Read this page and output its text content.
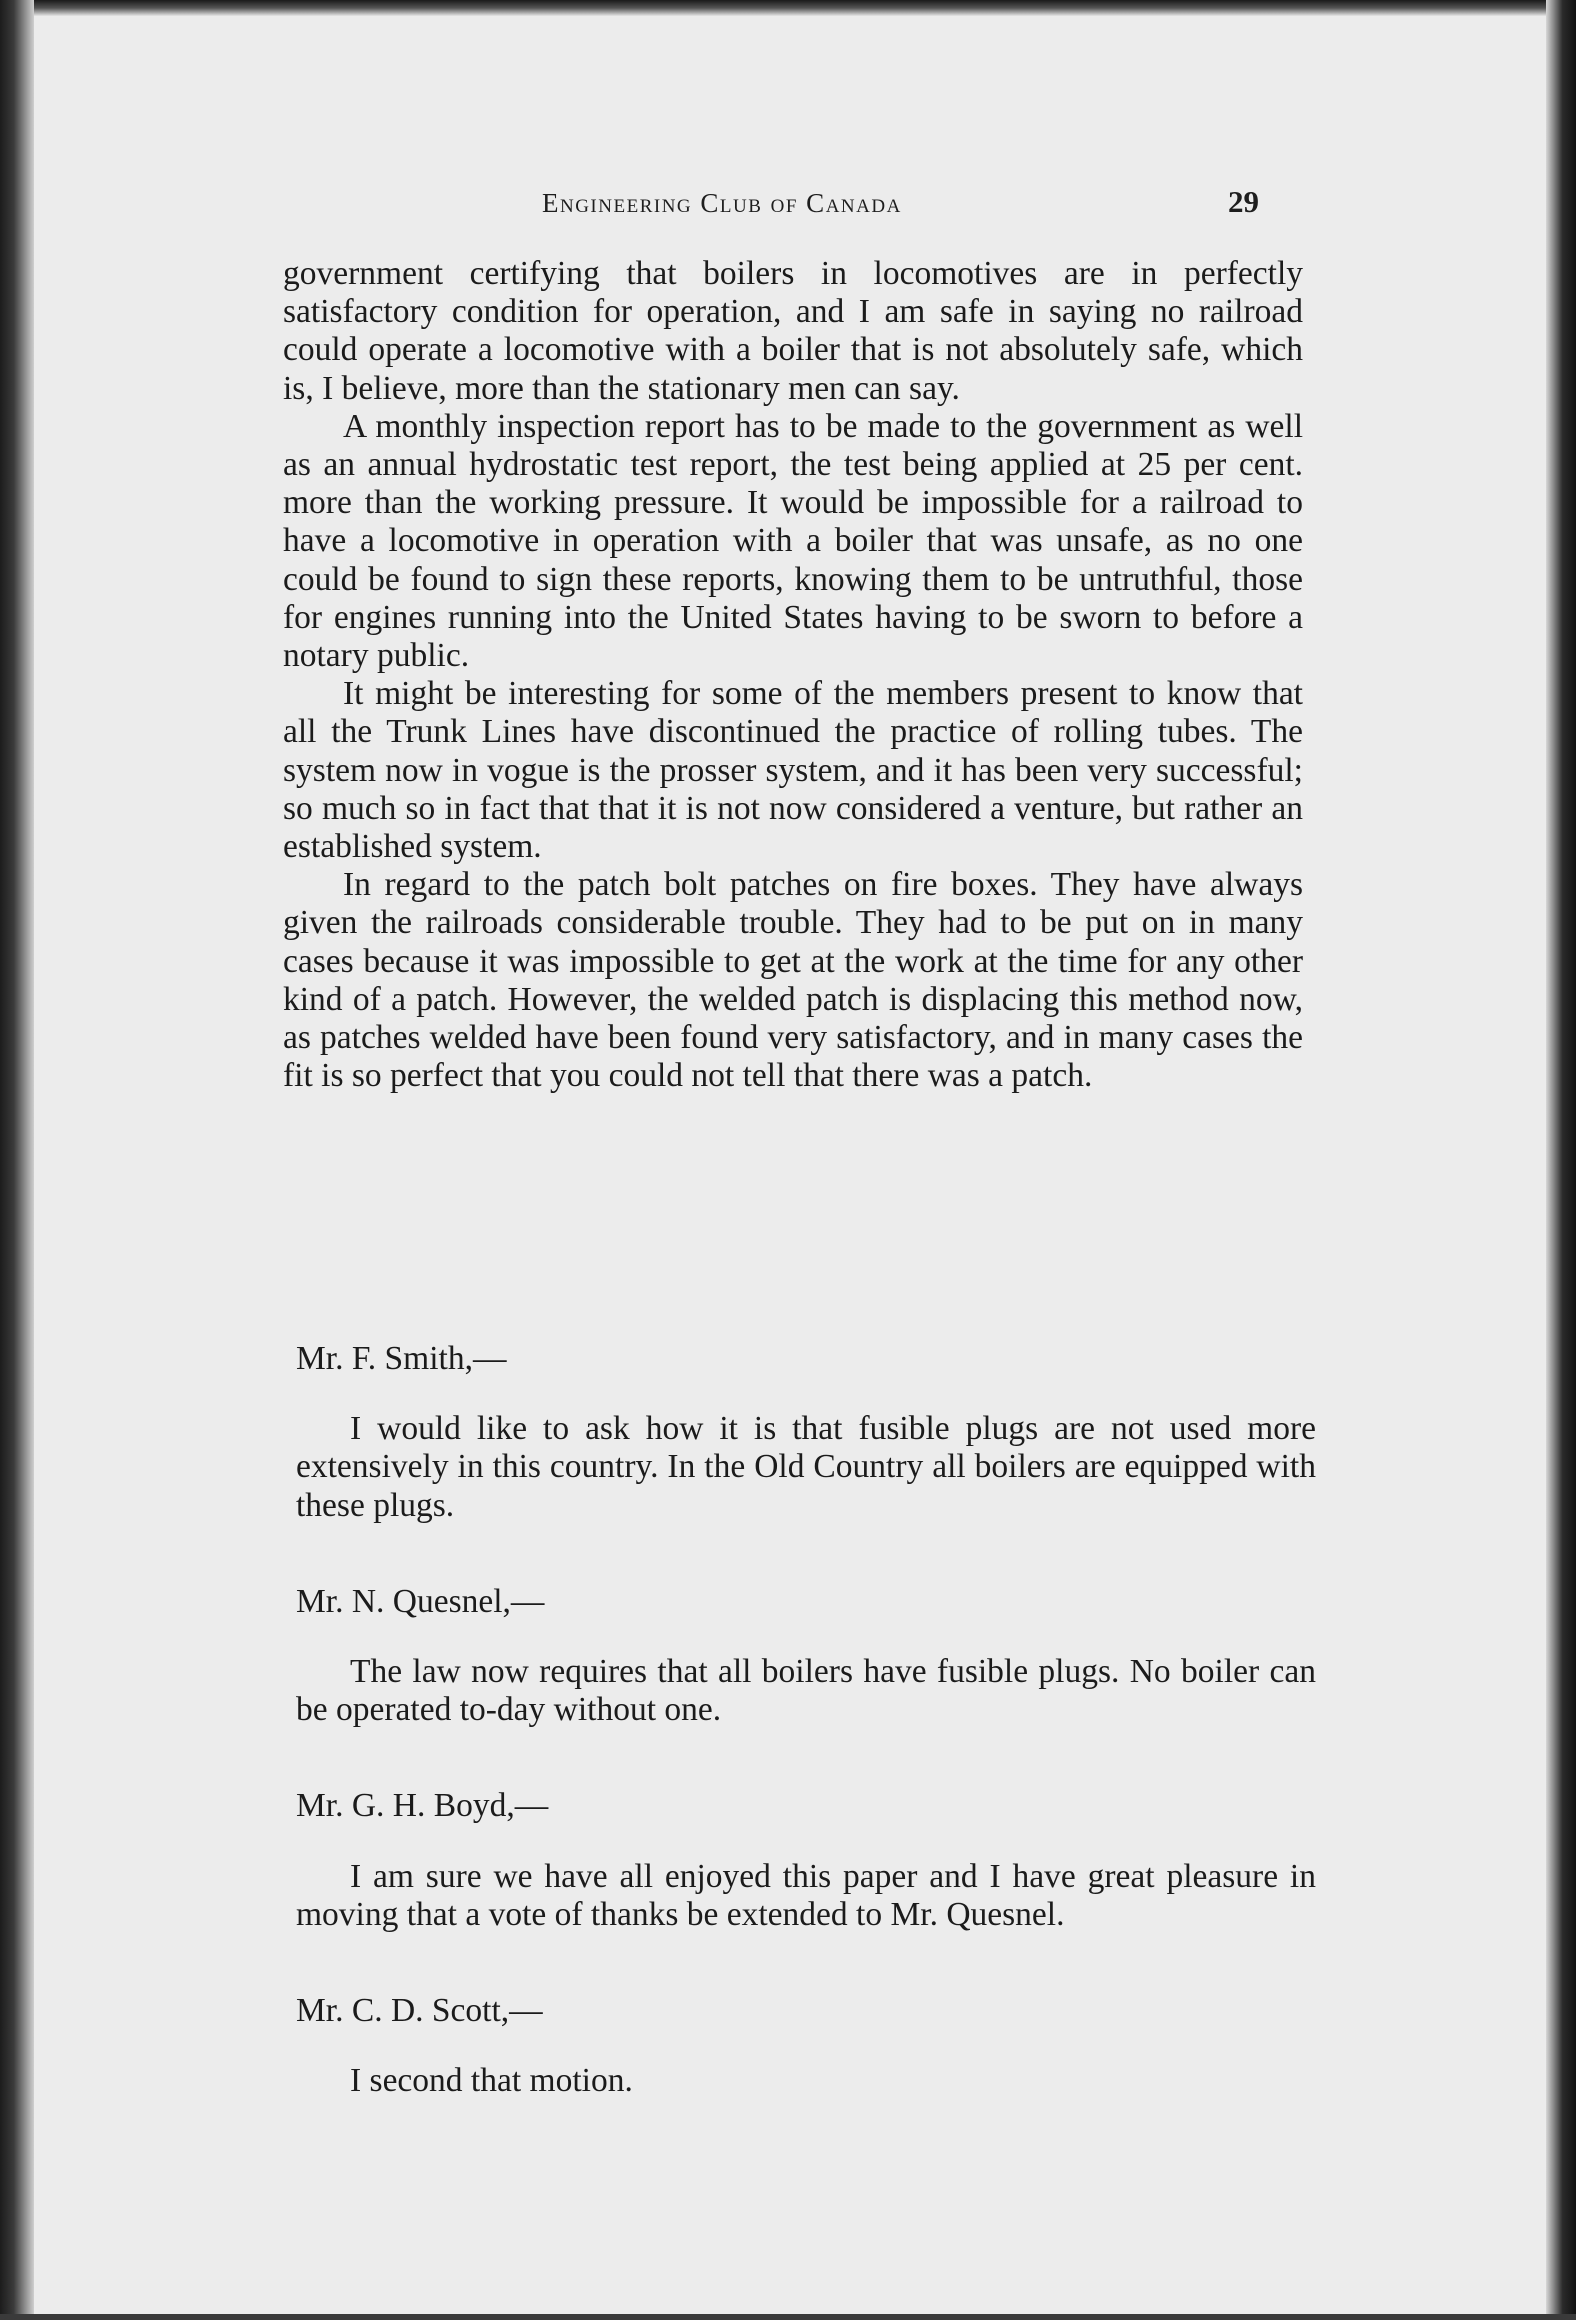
Engineering Club of Canada	29

government certifying that boilers in locomotives are in perfectly satisfactory condition for operation, and I am safe in saying no railroad could operate a locomotive with a boiler that is not absolutely safe, which is, I believe, more than the stationary men can say.

A monthly inspection report has to be made to the government as well as an annual hydrostatic test report, the test being applied at 25 per cent. more than the working pressure. It would be impossible for a railroad to have a locomotive in operation with a boiler that was unsafe, as no one could be found to sign these reports, knowing them to be untruthful, those for engines running into the United States having to be sworn to before a notary public.

It might be interesting for some of the members present to know that all the Trunk Lines have discontinued the practice of rolling tubes. The system now in vogue is the prosser system, and it has been very successful; so much so in fact that that it is not now considered a venture, but rather an established system.

In regard to the patch bolt patches on fire boxes. They have always given the railroads considerable trouble. They had to be put on in many cases because it was impossible to get at the work at the time for any other kind of a patch. However, the welded patch is displacing this method now, as patches welded have been found very satisfactory, and in many cases the fit is so perfect that you could not tell that there was a patch.

Mr. F. Smith,—

I would like to ask how it is that fusible plugs are not used more extensively in this country. In the Old Country all boilers are equipped with these plugs.

Mr. N. Quesnel,—

The law now requires that all boilers have fusible plugs. No boiler can be operated to-day without one.

Mr. G. H. Boyd,—

I am sure we have all enjoyed this paper and I have great pleasure in moving that a vote of thanks be extended to Mr. Quesnel.

Mr. C. D. Scott,—

I second that motion.
